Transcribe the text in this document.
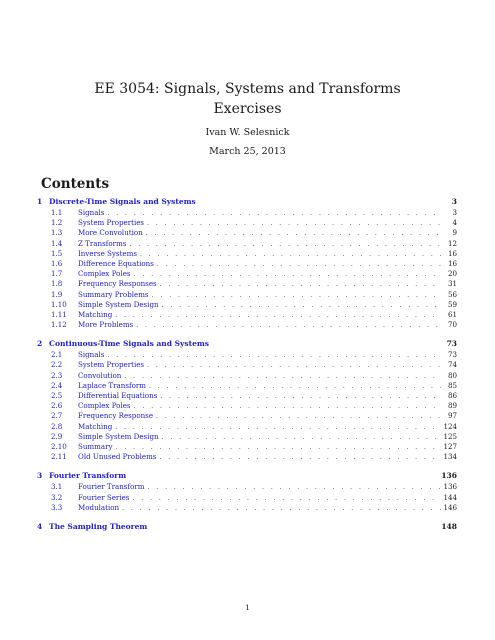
EE 3054: Signals, Systems and Transforms
Exercises
Ivan W. Selesnick
March 25, 2013
Contents
1 Discrete-Time Signals and Systems	3
1.1	Signals . . .	3
1.2	System Properties . . .	4
1.3	More Convolution . . .	9
1.4	Z Transforms . . .	12
1.5	Inverse Systems . . .	16
1.6	Difference Equations . . .	16
1.7	Complex Poles . . .	20
1.8	Frequency Responses . . .	31
1.9	Summary Problems . . .	56
1.10	Simple System Design . . .	59
1.11	Matching . . .	61
1.12	More Problems . . .	70
2 Continuous-Time Signals and Systems	73
2.1	Signals . . .	73
2.2	System Properties . . .	74
2.3	Convolution . . .	80
2.4	Laplace Transform . . .	85
2.5	Differential Equations . . .	86
2.6	Complex Poles . . .	89
2.7	Frequency Response . . .	97
2.8	Matching . . .	124
2.9	Simple System Design . . .	125
2.10	Summary . . .	127
2.11	Old Unused Problems . . .	134
3 Fourier Transform	136
3.1	Fourier Transform . . .	136
3.2	Fourier Series . . .	144
3.3	Modulation . . .	146
4 The Sampling Theorem	148
1
